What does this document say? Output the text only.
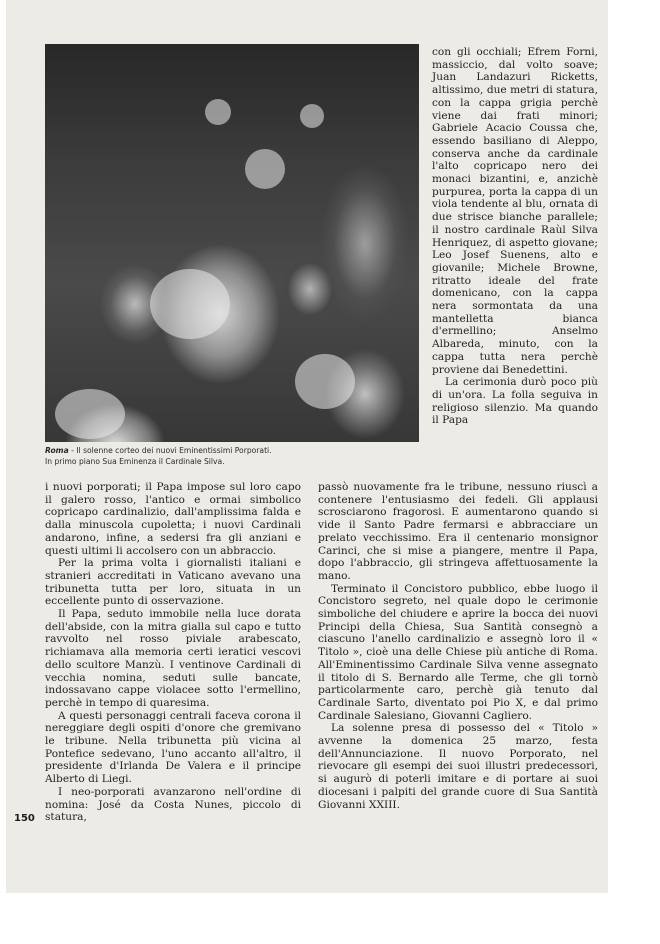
Roma - Il solenne corteo dei nuovi Eminentissimi Porporati.
In primo piano Sua Eminenza il Cardinale Silva.

con gli occhiali; Efrem Forni, massiccio, dal volto soave; Juan Landazuri Ricketts, altissimo, due metri di statura, con la cappa grigia perchè viene dai frati minori; Gabriele Acacio Coussa che, essendo basiliano di Aleppo, conserva anche da cardinale l'alto copricapo nero dei monaci bizantini, e, anzichè purpurea, porta la cappa di un viola tendente al blu, ornata di due strisce bianche parallele; il nostro cardinale Raùl Silva Henriquez, di aspetto giovane; Leo Josef Suenens, alto e giovanile; Michele Browne, ritratto ideale del frate domenicano, con la cappa nera sormontata da una mantelletta bianca d'ermellino; Anselmo Albareda, minuto, con la cappa tutta nera perchè proviene dai Benedettini.

La cerimonia durò poco più di un'ora. La folla seguiva in religioso silenzio. Ma quando il Papa

i nuovi porporati; il Papa impose sul loro capo il galero rosso, l'antico e ormai simbolico copricapo cardinalizio, dall'amplissima falda e dalla minuscola cupoletta; i nuovi Cardinali andarono, infine, a sedersi fra gli anziani e questi ultimi li accolsero con un abbraccio.

Per la prima volta i giornalisti italiani e stranieri accreditati in Vaticano avevano una tribunetta tutta per loro, situata in un eccellente punto di osservazione.

Il Papa, seduto immobile nella luce dorata dell'abside, con la mitra gialla sul capo e tutto ravvolto nel rosso piviale arabescato, richiamava alla memoria certi ieratici vescovi dello scultore Manzù. I ventinove Cardinali di vecchia nomina, seduti sulle bancate, indossavano cappe violacee sotto l'ermellino, perchè in tempo di quaresima.

A questi personaggi centrali faceva corona il nereggiare degli ospiti d'onore che gremivano le tribune. Nella tribunetta più vicina al Pontefice sedevano, l'uno accanto all'altro, il presidente d'Irlanda De Valera e il principe Alberto di Liegi.

I neo-porporati avanzarono nell'ordine di nomina: José da Costa Nunes, piccolo di statura,

passò nuovamente fra le tribune, nessuno riuscì a contenere l'entusiasmo dei fedeli. Gli applausi scrosciarono fragorosi. E aumentarono quando si vide il Santo Padre fermarsi e abbracciare un prelato vecchissimo. Era il centenario monsignor Carinci, che si mise a piangere, mentre il Papa, dopo l'abbraccio, gli stringeva affettuosamente la mano.

Terminato il Concistoro pubblico, ebbe luogo il Concistoro segreto, nel quale dopo le cerimonie simboliche del chiudere e aprire la bocca dei nuovi Principi della Chiesa, Sua Santità consegnò a ciascuno l'anello cardinalizio e assegnò loro il « Titolo », cioè una delle Chiese più antiche di Roma. All'Eminentissimo Cardinale Silva venne assegnato il titolo di S. Bernardo alle Terme, che gli tornò particolarmente caro, perchè già tenuto dal Cardinale Sarto, diventato poi Pio X, e dal primo Cardinale Salesiano, Giovanni Cagliero.

La solenne presa di possesso del « Titolo » avvenne la domenica 25 marzo, festa dell'Annunciazione. Il nuovo Porporato, nel rievocare gli esempi dei suoi illustri predecessori, si augurò di poterli imitare e di portare ai suoi diocesani i palpiti del grande cuore di Sua Santità Giovanni XXIII.

150
